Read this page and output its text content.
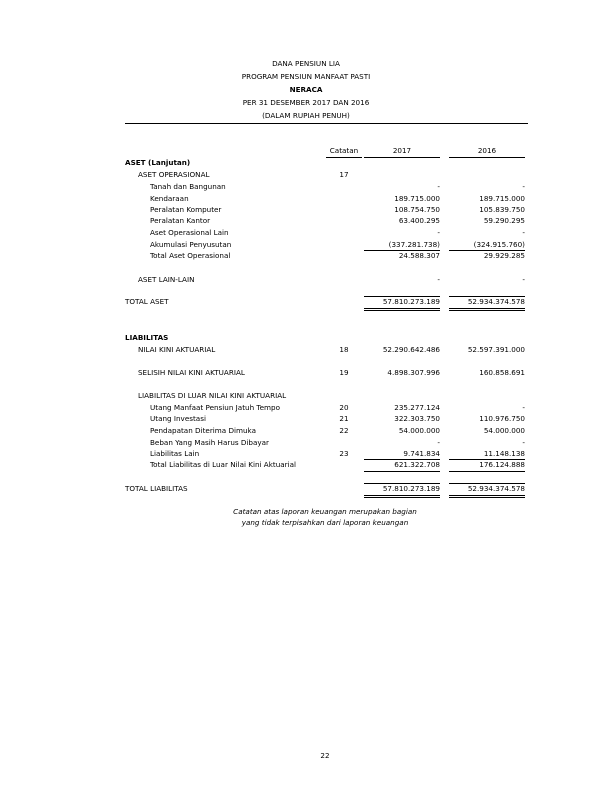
DANA PENSIUN LIA
PROGRAM PENSIUN MANFAAT PASTI
NERACA
PER 31 DESEMBER 2017 DAN 2016
(DALAM RUPIAH PENUH)
Catatan	2017	2016
ASET (Lanjutan)
ASET OPERASIONAL	17
Tanah dan Bangunan	-	-
Kendaraan	189.715.000	189.715.000
Peralatan Komputer	108.754.750	105.839.750
Peralatan Kantor	63.400.295	59.290.295
Aset Operasional Lain	-	-
Akumulasi Penyusutan	(337.281.738)	(324.915.760)
Total Aset Operasional	24.588.307	29.929.285
ASET LAIN-LAIN	-	-
TOTAL ASET	57.810.273.189	52.934.374.578
LIABILITAS
NILAI KINI AKTUARIAL	18	52.290.642.486	52.597.391.000
SELISIH NILAI KINI AKTUARIAL	19	4.898.307.996	160.858.691
LIABILITAS DI LUAR NILAI KINI AKTUARIAL
Utang Manfaat Pensiun Jatuh Tempo	20	235.277.124	-
Utang Investasi	21	322.303.750	110.976.750
Pendapatan Diterima Dimuka	22	54.000.000	54.000.000
Beban Yang Masih Harus Dibayar	-	-
Liabilitas Lain	23	9.741.834	11.148.138
Total Liabilitas di Luar Nilai Kini Aktuarial	621.322.708	176.124.888
TOTAL LIABILITAS	57.810.273.189	52.934.374.578
Catatan atas laporan keuangan merupakan bagian
yang tidak terpisahkan dari laporan keuangan
22
